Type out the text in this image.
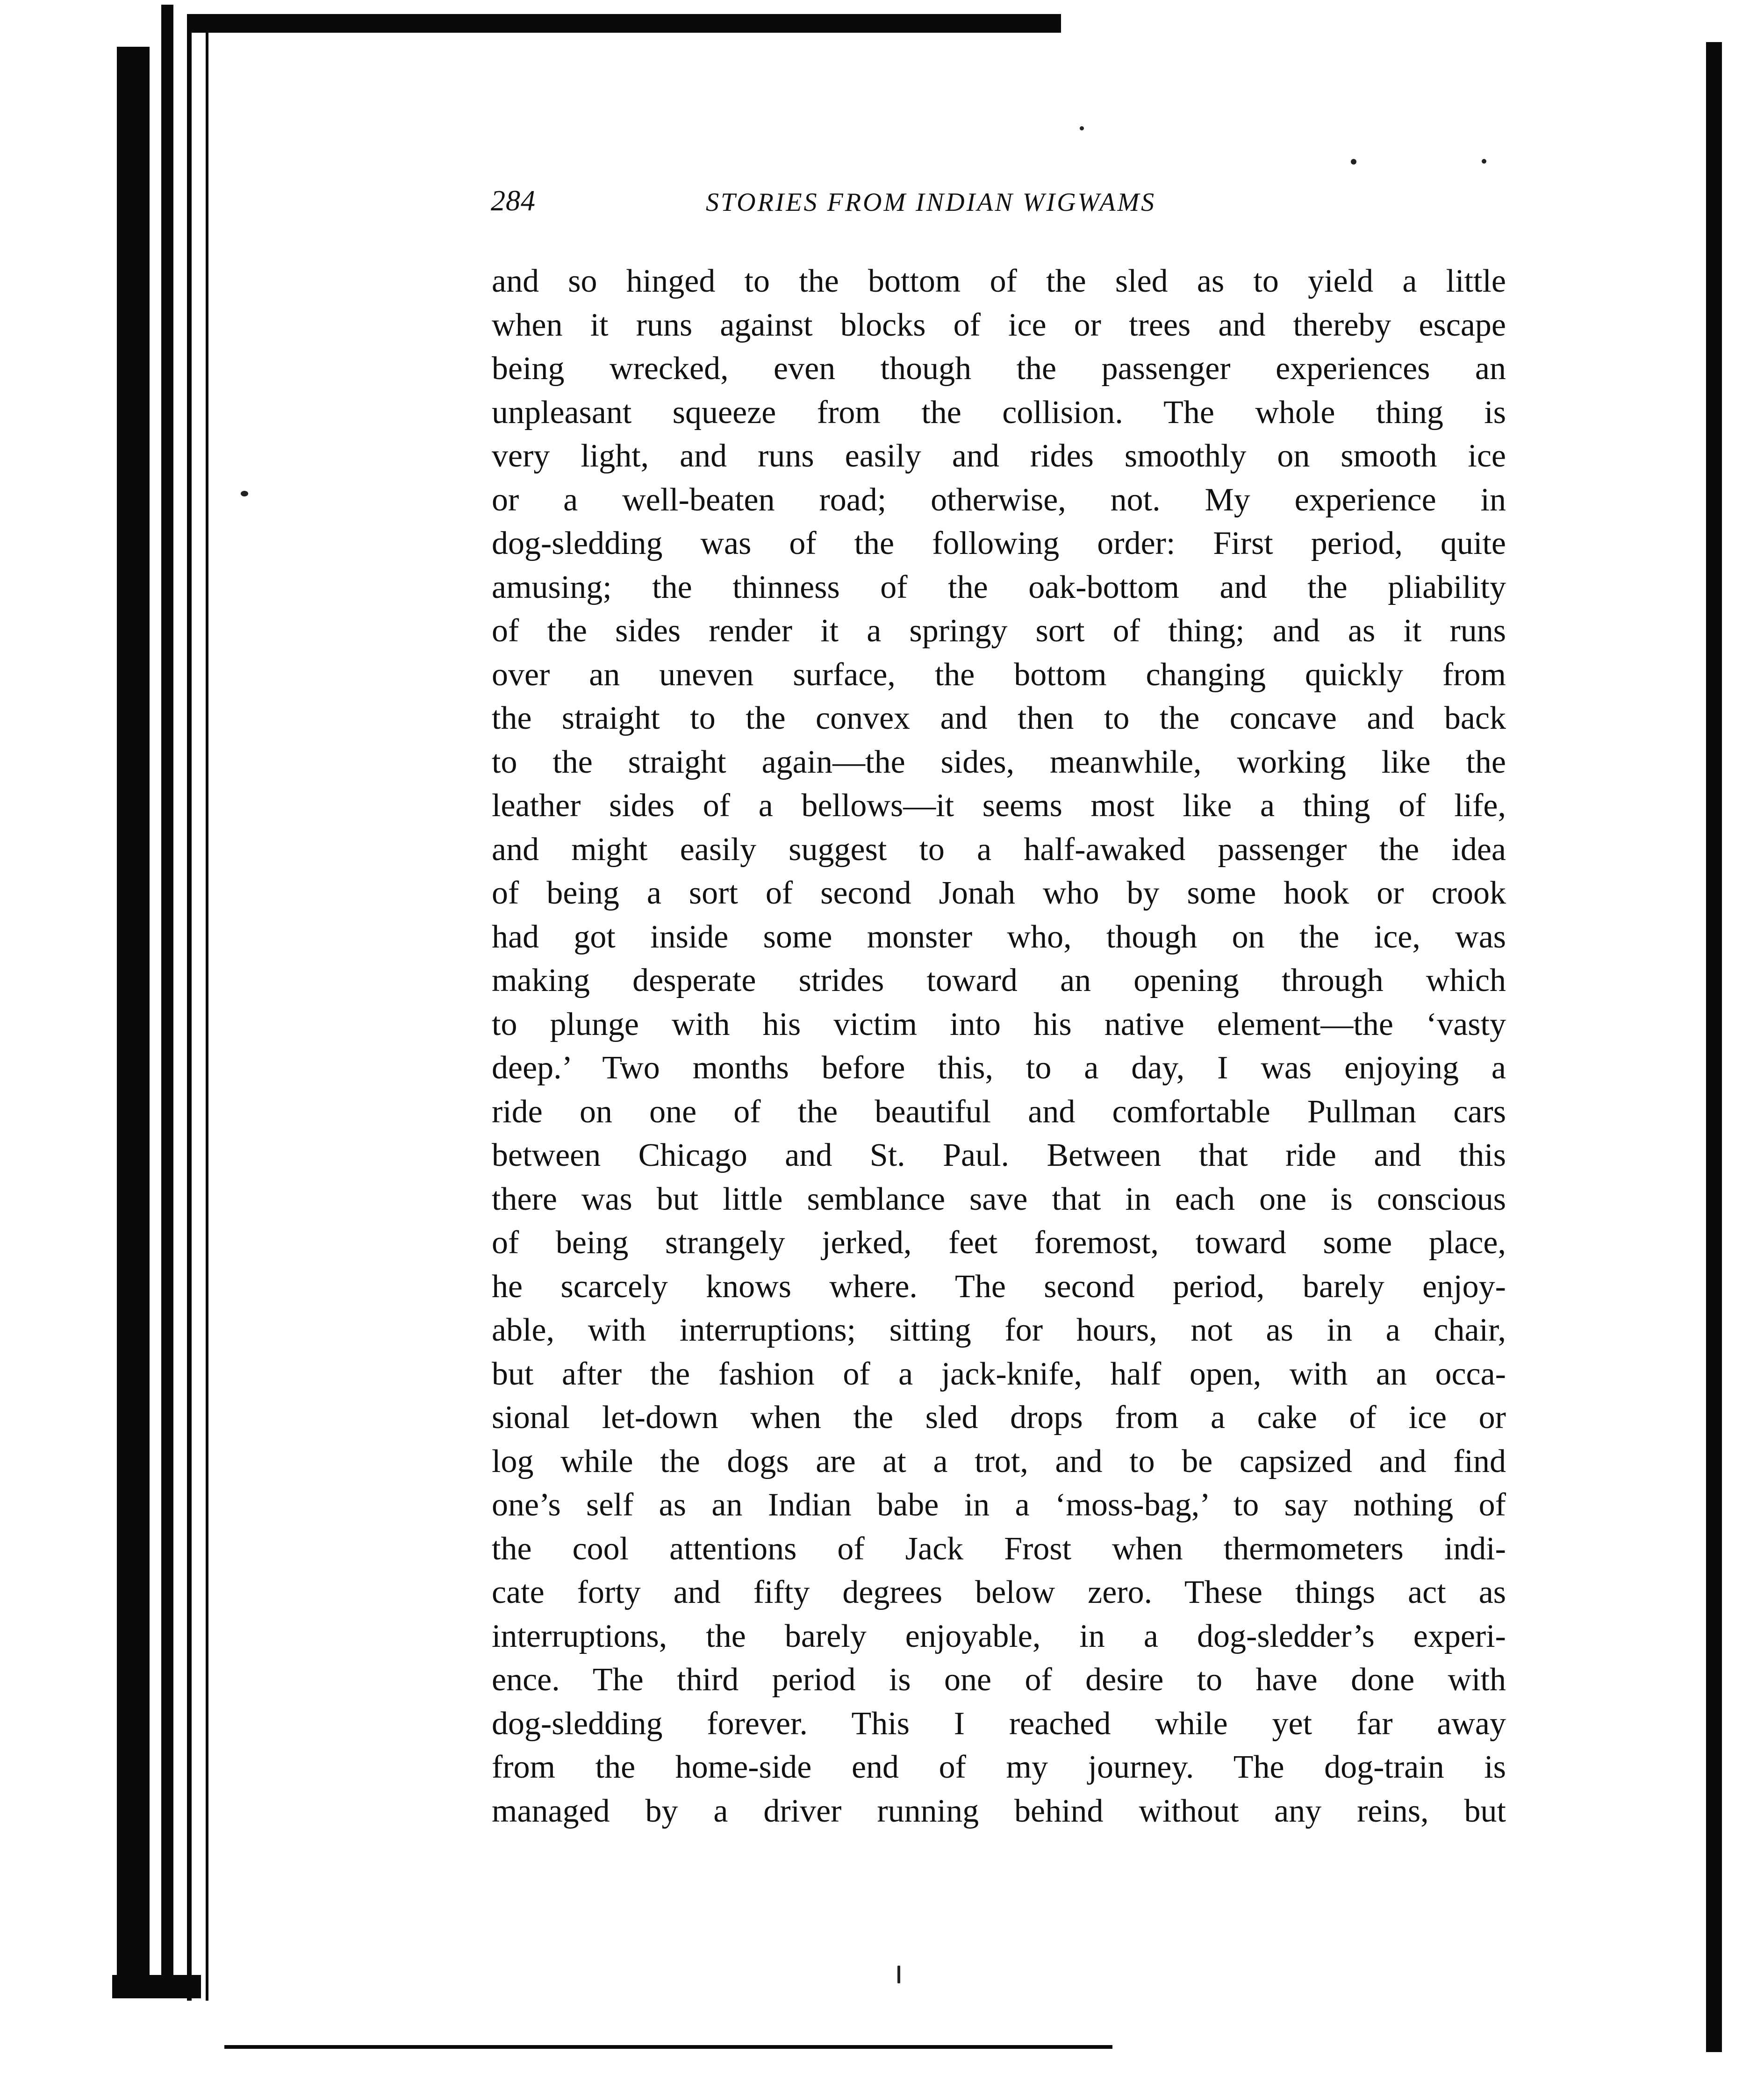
284	STORIES FROM INDIAN WIGWAMS
and so hinged to the bottom of the sled as to yield a little
when it runs against blocks of ice or trees and thereby escape
being wrecked, even though the passenger experiences an
unpleasant squeeze from the collision. The whole thing is
very light, and runs easily and rides smoothly on smooth ice
or a well-beaten road; otherwise, not. My experience in
dog-sledding was of the following order: First period, quite
amusing; the thinness of the oak-bottom and the pliability
of the sides render it a springy sort of thing; and as it runs
over an uneven surface, the bottom changing quickly from
the straight to the convex and then to the concave and back
to the straight again—the sides, meanwhile, working like the
leather sides of a bellows—it seems most like a thing of life,
and might easily suggest to a half-awaked passenger the idea
of being a sort of second Jonah who by some hook or crook
had got inside some monster who, though on the ice, was
making desperate strides toward an opening through which
to plunge with his victim into his native element—the ‘vasty
deep.’ Two months before this, to a day, I was enjoying a
ride on one of the beautiful and comfortable Pullman cars
between Chicago and St. Paul. Between that ride and this
there was but little semblance save that in each one is conscious
of being strangely jerked, feet foremost, toward some place,
he scarcely knows where. The second period, barely enjoy-
able, with interruptions; sitting for hours, not as in a chair,
but after the fashion of a jack-knife, half open, with an occa-
sional let-down when the sled drops from a cake of ice or
log while the dogs are at a trot, and to be capsized and find
one’s self as an Indian babe in a ‘moss-bag,’ to say nothing of
the cool attentions of Jack Frost when thermometers indi-
cate forty and fifty degrees below zero. These things act as
interruptions, the barely enjoyable, in a dog-sledder’s experi-
ence. The third period is one of desire to have done with
dog-sledding forever. This I reached while yet far away
from the home-side end of my journey. The dog-train is
managed by a driver running behind without any reins, but
